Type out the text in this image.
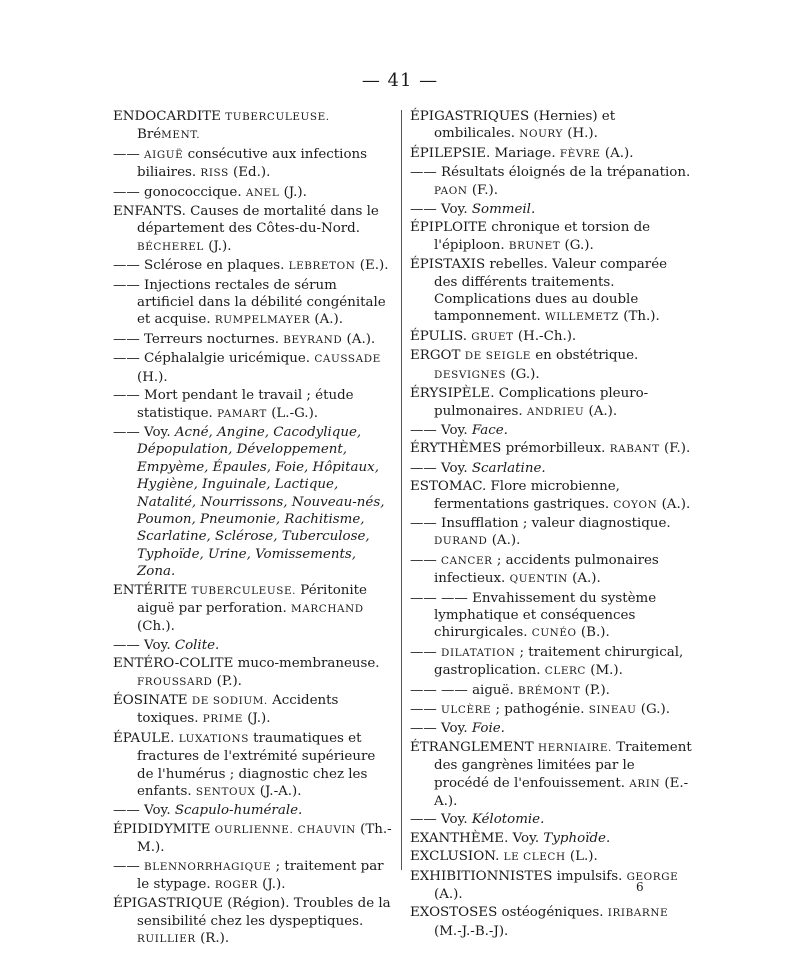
— 41 —

ENDOCARDITE TUBERCULEUSE. BréMENT.

—— AIGUË consécutive aux infections biliaires. RISS (Ed.).

—— gonococcique. ANEL (J.).

ENFANTS. Causes de mortalité dans le département des Côtes-du-Nord. BÉCHEREL (J.).

—— Sclérose en plaques. LEBRETON (E.).

—— Injections rectales de sérum artificiel dans la débilité congénitale et acquise. RUMPELMAYER (A.).

—— Terreurs nocturnes. BEYRAND (A.).

—— Céphalalgie uricémique. CAUSSADE (H.).

—— Mort pendant le travail ; étude statistique. PAMART (L.-G.).

—— Voy. Acné, Angine, Cacodylique, Dépopulation, Développement, Empyème, Épaules, Foie, Hôpitaux, Hygiène, Inguinale, Lactique, Natalité, Nourrissons, Nouveau-nés, Poumon, Pneumonie, Rachitisme, Scarlatine, Sclérose, Tuberculose, Typhoïde, Urine, Vomissements, Zona.

ENTÉRITE TUBERCULEUSE. Péritonite aiguë par perforation. MARCHAND (Ch.).

—— Voy. Colite.

ENTÉRO-COLITE muco-membraneuse. FROUSSARD (P.).

ÉOSINATE DE SODIUM. Accidents toxiques. PRIME (J.).

ÉPAULE. LUXATIONS traumatiques et fractures de l'extrémité supérieure de l'humérus ; diagnostic chez les enfants. SENTOUX (J.-A.).

—— Voy. Scapulo-humérale.

ÉPIDIDYMITE OURLIENNE. CHAUVIN (Th.-M.).

—— BLENNORRHAGIQUE ; traitement par le stypage. ROGER (J.).

ÉPIGASTRIQUE (Région). Troubles de la sensibilité chez les dyspeptiques. RUILLIER (R.).

ÉPIGASTRIQUES (Hernies) et ombilicales. NOURY (H.).

ÉPILEPSIE. Mariage. FÈVRE (A.).

—— Résultats éloignés de la trépanation. PAON (F.).

—— Voy. Sommeil.

ÉPIPLOITE chronique et torsion de l'épiploon. BRUNET (G.).

ÉPISTAXIS rebelles. Valeur comparée des différents traitements. Complications dues au double tamponnement. WILLEMETZ (Th.).

ÉPULIS. GRUET (H.-Ch.).

ERGOT DE SEIGLE en obstétrique. DESVIGNES (G.).

ÉRYSIPÈLE. Complications pleuro-pulmonaires. ANDRIEU (A.).

—— Voy. Face.

ÉRYTHÈMES prémorbilleux. RABANT (F.).

—— Voy. Scarlatine.

ESTOMAC. Flore microbienne, fermentations gastriques. COYON (A.).

—— Insufflation ; valeur diagnostique. DURAND (A.).

—— CANCER ; accidents pulmonaires infectieux. QUENTIN (A.).

—— —— Envahissement du système lymphatique et conséquences chirurgicales. CUNÉO (B.).

—— DILATATION ; traitement chirurgical, gastroplication. CLERC (M.).

—— —— aiguë. BRÉMONT (P.).

—— ULCÈRE ; pathogénie. SINEAU (G.).

—— Voy. Foie.

ÉTRANGLEMENT HERNIAIRE. Traitement des gangrènes limitées par le procédé de l'enfouissement. ARIN (E.-A.).

—— Voy. Kélotomie.

EXANTHÈME. Voy. Typhoïde.

EXCLUSION. LE CLECH (L.).

EXHIBITIONNISTES impulsifs. GEORGE (A.).

EXOSTOSES ostéogéniques. IRIBARNE (M.-J.-B.-J).

6
